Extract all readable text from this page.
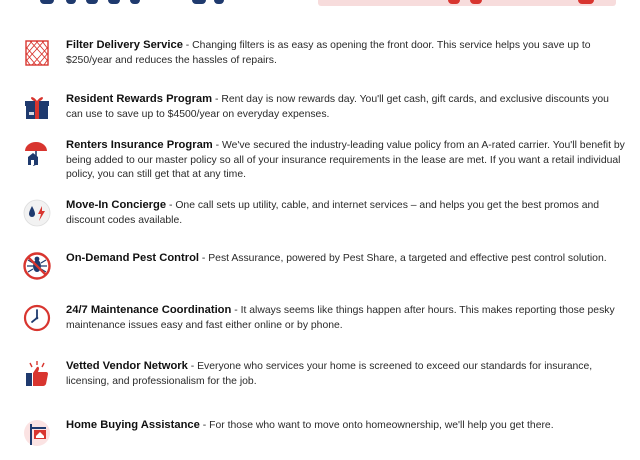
Filter Delivery Service - Changing filters is as easy as opening the front door. This service helps you save up to $250/year and reduces the hassles of repairs.
Resident Rewards Program - Rent day is now rewards day. You'll get cash, gift cards, and exclusive discounts you can use to save up to $4500/year on everyday expenses.
Renters Insurance Program - We've secured the industry-leading value policy from an A-rated carrier. You'll benefit by being added to our master policy so all of your insurance requirements in the lease are met. If you want a retail individual policy, you can still get that at any time.
Move-In Concierge - One call sets up utility, cable, and internet services – and helps you get the best promos and discount codes available.
On-Demand Pest Control - Pest Assurance, powered by Pest Share, a targeted and effective pest control solution.
24/7 Maintenance Coordination - It always seems like things happen after hours. This makes reporting those pesky maintenance issues easy and fast either online or by phone.
Vetted Vendor Network - Everyone who services your home is screened to exceed our standards for insurance, licensing, and professionalism for the job.
Home Buying Assistance - For those who want to move onto homeownership, we'll help you get there.
